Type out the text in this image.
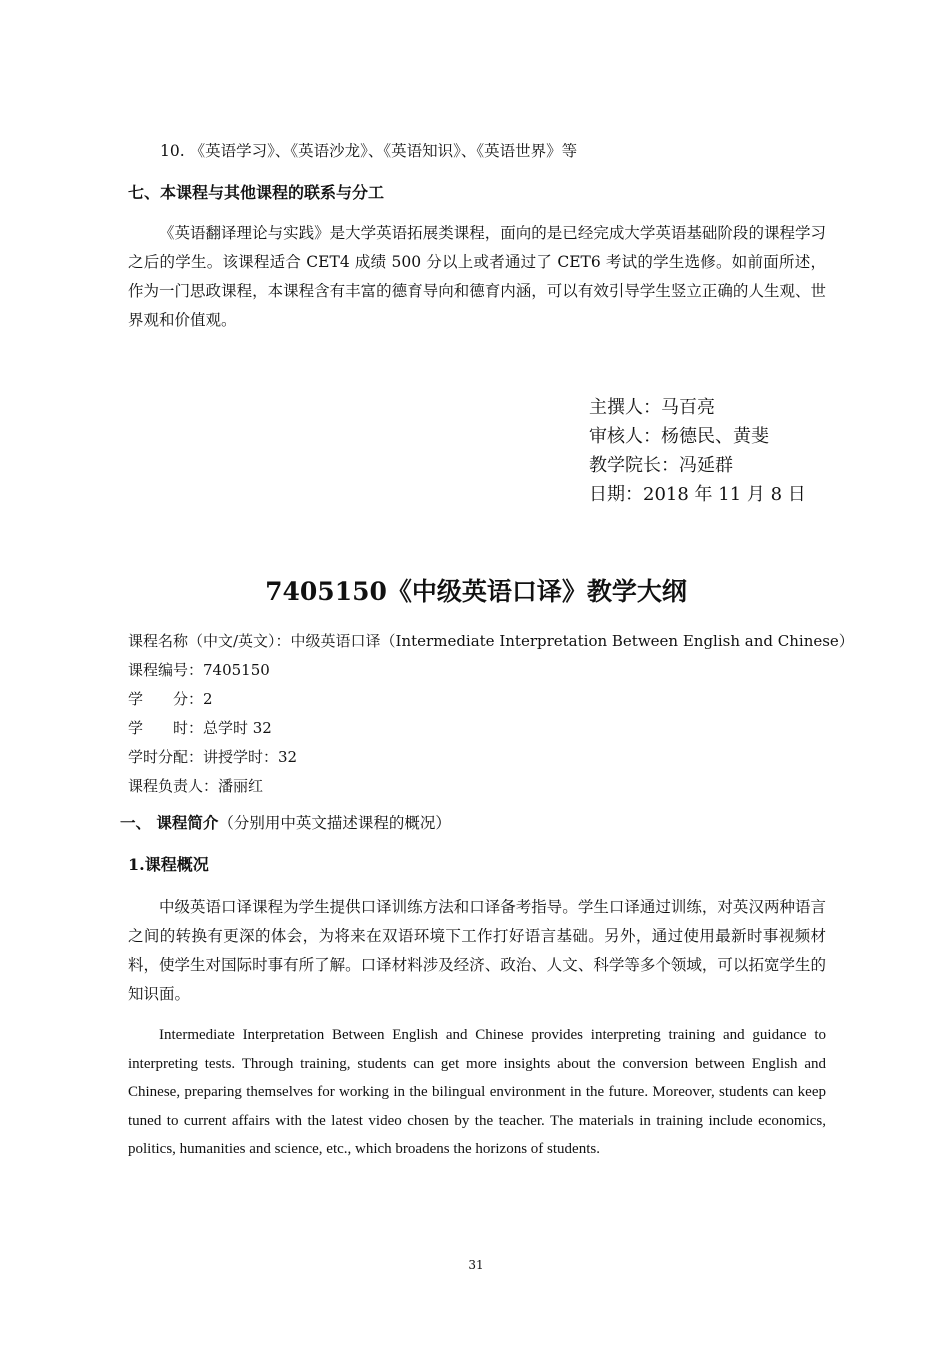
10. 《英语学习》、《英语沙龙》、《英语知识》、《英语世界》等
七、本课程与其他课程的联系与分工
《英语翻译理论与实践》是大学英语拓展类课程，面向的是已经完成大学英语基础阶段的课程学习之后的学生。该课程适合 CET4 成绩 500 分以上或者通过了 CET6 考试的学生选修。如前面所述，作为一门思政课程，本课程含有丰富的德育导向和德育内涵，可以有效引导学生竖立正确的人生观、世界观和价值观。
主撰人：马百亮
审核人：杨德民、黄斐
教学院长：冯延群
日期：2018 年 11 月 8 日
7405150《中级英语口译》教学大纲
课程名称（中文/英文）：中级英语口译（Intermediate Interpretation Between English and Chinese）
课程编号：7405150
学　　分：2
学　　时：总学时 32
学时分配：讲授学时：32
课程负责人：潘丽红
一、 课程简介（分别用中英文描述课程的概况）
1.课程概况
中级英语口译课程为学生提供口译训练方法和口译备考指导。学生口译通过训练，对英汉两种语言之间的转换有更深的体会，为将来在双语环境下工作打好语言基础。另外，通过使用最新时事视频材料，使学生对国际时事有所了解。口译材料涉及经济、政治、人文、科学等多个领域，可以拓宽学生的知识面。
Intermediate Interpretation Between English and Chinese provides interpreting training and guidance to interpreting tests. Through training, students can get more insights about the conversion between English and Chinese, preparing themselves for working in the bilingual environment in the future. Moreover, students can keep tuned to current affairs with the latest video chosen by the teacher. The materials in training include economics, politics, humanities and science, etc., which broadens the horizons of students.
31
